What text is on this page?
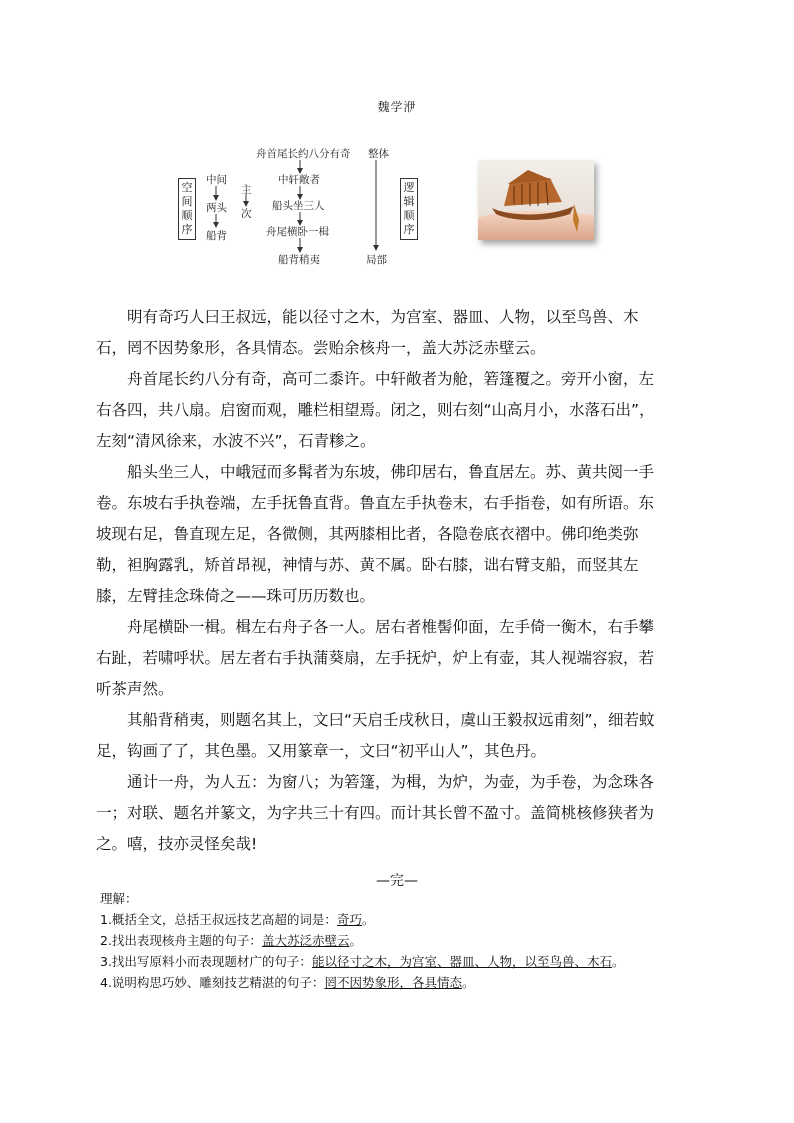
魏学洢
空间顺序
逻辑顺序
中间
两头
船背
主
次
舟首尾长约八分有奇 整体
中轩敞者
船头坐三人
舟尾横卧一楫
船背稍夷	局部

明有奇巧人曰王叔远，能以径寸之木，为宫室、器皿、人物，以至鸟兽、木石，罔不因势象形，各具情态。尝贻余核舟一，盖大苏泛赤壁云。

舟首尾长约八分有奇，高可二黍许。中轩敞者为舱，箬篷覆之。旁开小窗，左右各四，共八扇。启窗而观，雕栏相望焉。闭之，则右刻“山高月小，水落石出”，左刻“清风徐来，水波不兴”，石青糁之。

船头坐三人，中峨冠而多髯者为东坡，佛印居右，鲁直居左。苏、黄共阅一手卷。东坡右手执卷端，左手抚鲁直背。鲁直左手执卷末，右手指卷，如有所语。东坡现右足，鲁直现左足，各微侧，其两膝相比者，各隐卷底衣褶中。佛印绝类弥勒，袒胸露乳，矫首昂视，神情与苏、黄不属。卧右膝，诎右臂支船，而竖其左膝，左臂挂念珠倚之——珠可历历数也。

舟尾横卧一楫。楫左右舟子各一人。居右者椎髻仰面，左手倚一衡木，右手攀右趾，若啸呼状。居左者右手执蒲葵扇，左手抚炉，炉上有壶，其人视端容寂，若听茶声然。

其船背稍夷，则题名其上，文曰“天启壬戌秋日，虞山王毅叔远甫刻”，细若蚊足，钩画了了，其色墨。又用篆章一，文曰“初平山人”，其色丹。

通计一舟，为人五：为窗八；为箬篷，为楫，为炉，为壶，为手卷，为念珠各一；对联、题名并篆文，为字共三十有四。而计其长曾不盈寸。盖简桃核修狭者为之。嘻，技亦灵怪矣哉!

—完—
理解：
1.概括全文，总括王叔远技艺高超的词是：奇巧。
2.找出表现核舟主题的句子：盖大苏泛赤壁云。
3.找出写原料小而表现题材广的句子：能以径寸之木，为宫室、器皿、人物，以至鸟兽、木石。
4.说明构思巧妙、雕刻技艺精湛的句子：罔不因势象形，各具情态。
